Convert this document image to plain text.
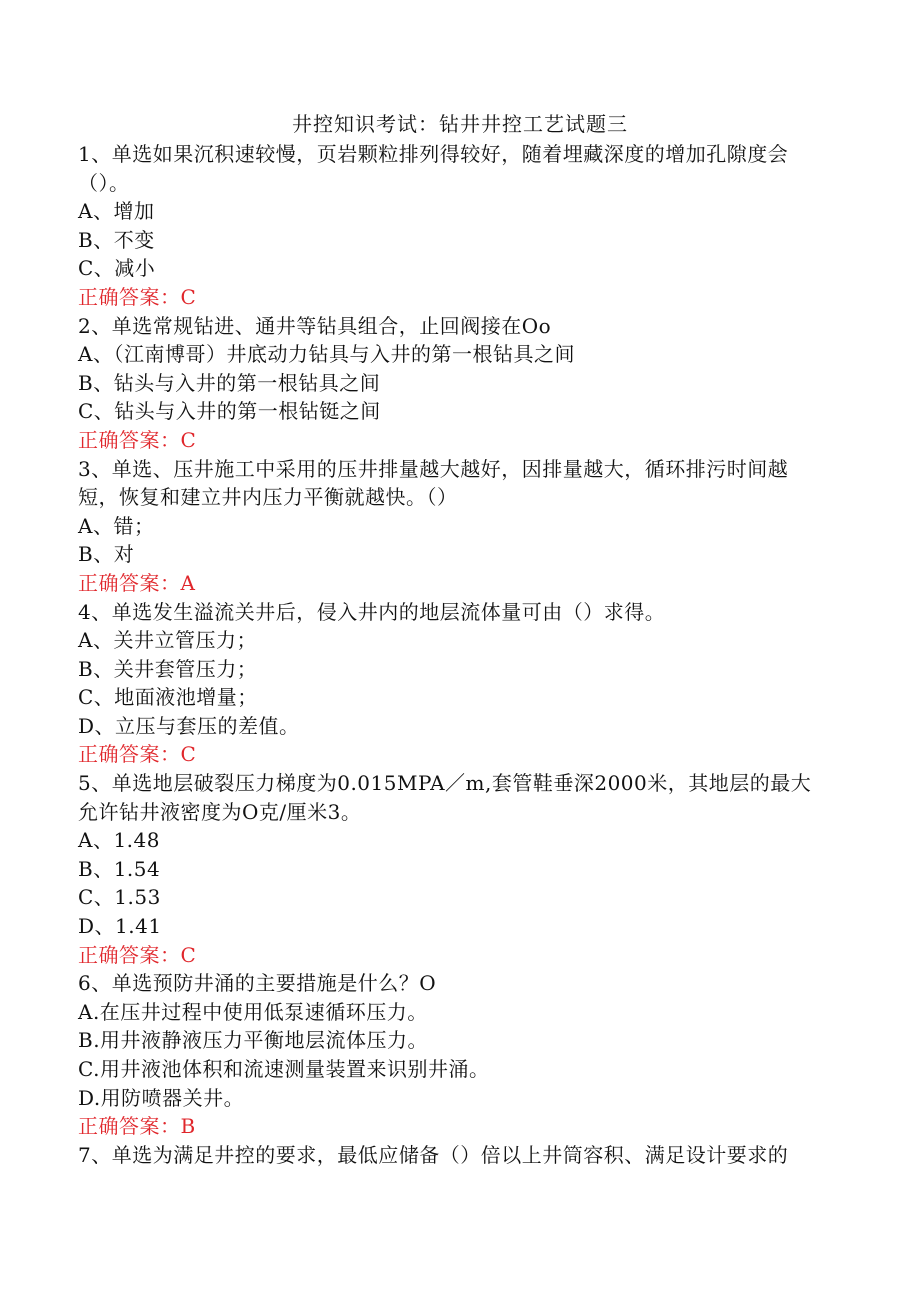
井控知识考试：钻井井控工艺试题三
1、单选如果沉积速较慢，页岩颗粒排列得较好，随着埋藏深度的增加孔隙度会
（）。
A、增加
B、不变
C、减小
正确答案：C
2、单选常规钻进、通井等钻具组合，止回阀接在Oo
A、（江南博哥）井底动力钻具与入井的第一根钻具之间
B、钻头与入井的第一根钻具之间
C、钻头与入井的第一根钻铤之间
正确答案：C
3、单选、压井施工中采用的压井排量越大越好，因排量越大，循环排污时间越
短，恢复和建立井内压力平衡就越快。（）
A、错；
B、对
正确答案：A
4、单选发生溢流关井后，侵入井内的地层流体量可由（）求得。
A、关井立管压力；
B、关井套管压力；
C、地面液池增量；
D、立压与套压的差值。
正确答案：C
5、单选地层破裂压力梯度为0.015MPA／m,套管鞋垂深2000米，其地层的最大
允许钻井液密度为O克/厘米3。
A、1.48
B、1.54
C、1.53
D、1.41
正确答案：C
6、单选预防井涌的主要措施是什么？O
A.在压井过程中使用低泵速循环压力。
B.用井液静液压力平衡地层流体压力。
C.用井液池体积和流速测量装置来识别井涌。
D.用防喷器关井。
正确答案：B
7、单选为满足井控的要求，最低应储备（）倍以上井筒容积、满足设计要求的
